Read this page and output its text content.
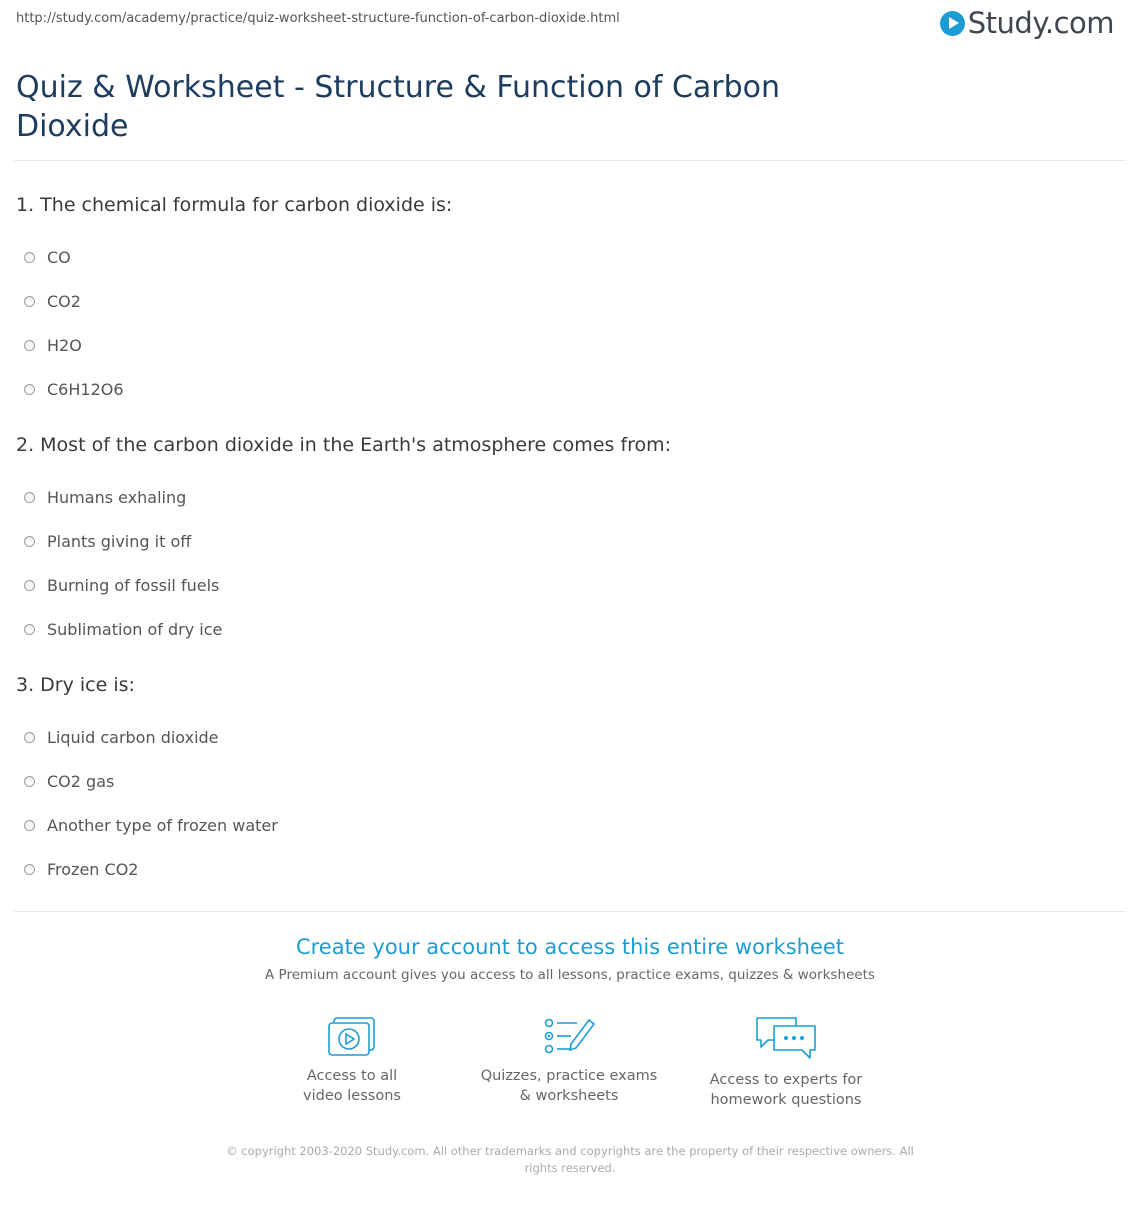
http://study.com/academy/practice/quiz-worksheet-structure-function-of-carbon-dioxide.html	Study.com
Quiz & Worksheet - Structure & Function of Carbon Dioxide
1. The chemical formula for carbon dioxide is:
CO
CO2
H2O
C6H12O6
2. Most of the carbon dioxide in the Earth's atmosphere comes from:
Humans exhaling
Plants giving it off
Burning of fossil fuels
Sublimation of dry ice
3. Dry ice is:
Liquid carbon dioxide
CO2 gas
Another type of frozen water
Frozen CO2
Create your account to access this entire worksheet
A Premium account gives you access to all lessons, practice exams, quizzes & worksheets
Access to all
video lessons
Quizzes, practice exams
& worksheets
Access to experts for
homework questions
© copyright 2003-2020 Study.com. All other trademarks and copyrights are the property of their respective owners. All rights reserved.
